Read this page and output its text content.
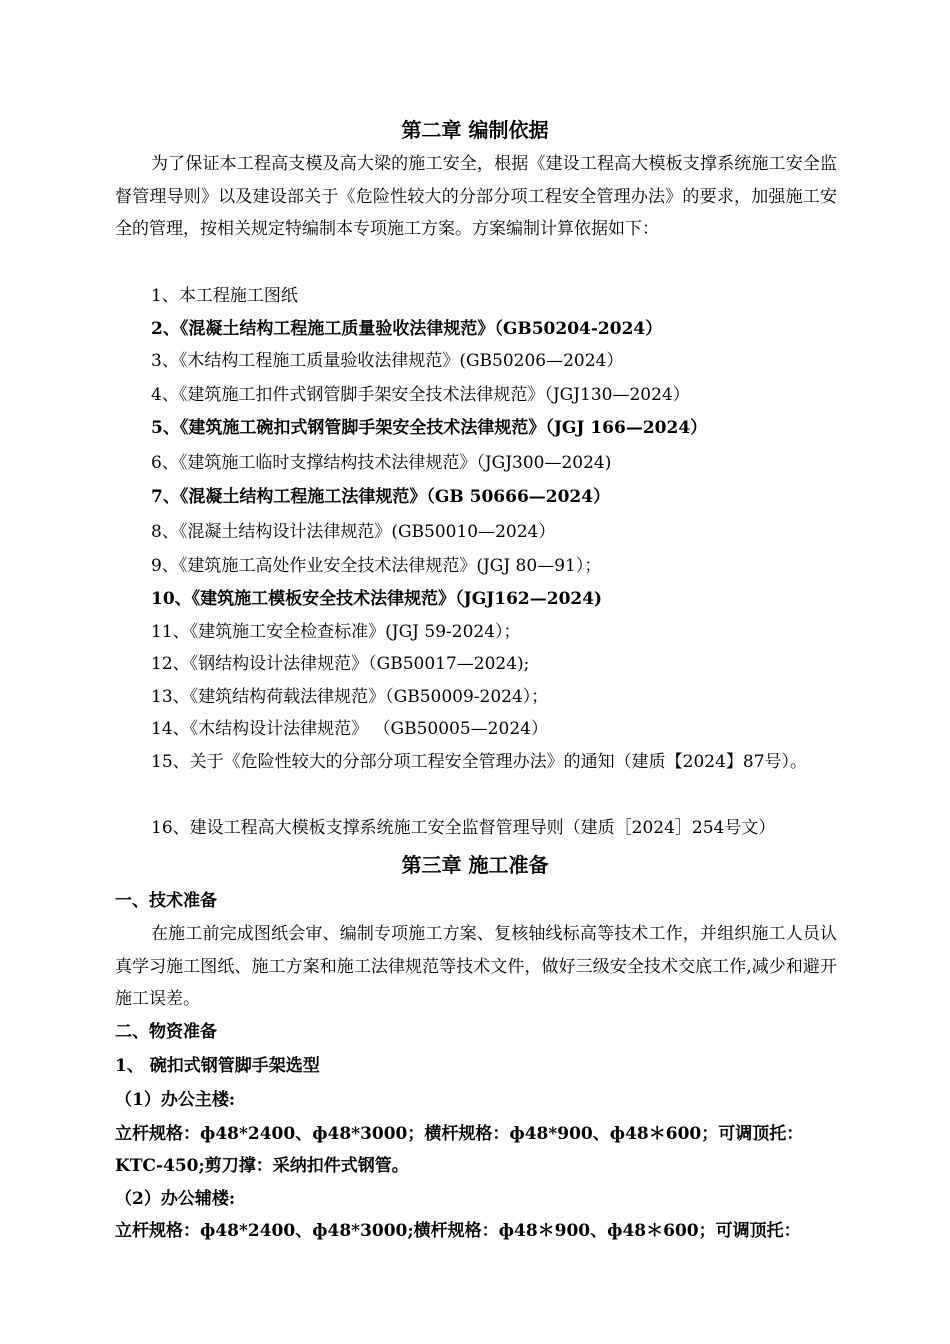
第二章 编制依据
为了保证本工程高支模及高大梁的施工安全，根据《建设工程高大模板支撑系统施工安全监督管理导则》以及建设部关于《危险性较大的分部分项工程安全管理办法》的要求，加强施工安全的管理，按相关规定特编制本专项施工方案。方案编制计算依据如下：
1、本工程施工图纸
2、《混凝土结构工程施工质量验收法律规范》（GB50204-2024）
3、《木结构工程施工质量验收法律规范》(GB50206—2024）
4、《建筑施工扣件式钢管脚手架安全技术法律规范》（JGJ130—2024）
5、《建筑施工碗扣式钢管脚手架安全技术法律规范》（JGJ 166—2024）
6、《建筑施工临时支撑结构技术法律规范》（JGJ300—2024)
7、《混凝土结构工程施工法律规范》（GB 50666—2024）
8、《混凝土结构设计法律规范》(GB50010—2024）
9、《建筑施工高处作业安全技术法律规范》(JGJ 80—91）；
10、《建筑施工模板安全技术法律规范》（JGJ162—2024)
11、《建筑施工安全检查标准》(JGJ 59-2024）；
12、《钢结构设计法律规范》（GB50017—2024);
13、《建筑结构荷载法律规范》（GB50009-2024）；
14、《木结构设计法律规范》 （GB50005—2024）
15、关于《危险性较大的分部分项工程安全管理办法》的通知（建质【2024】87号）。
16、建设工程高大模板支撑系统施工安全监督管理导则（建质［2024］254号文）
第三章 施工准备
一、技术准备
在施工前完成图纸会审、编制专项施工方案、复核轴线标高等技术工作，并组织施工人员认真学习施工图纸、施工方案和施工法律规范等技术文件，做好三级安全技术交底工作,减少和避开施工误差。
二、物资准备
1、 碗扣式钢管脚手架选型
（1）办公主楼:
立杆规格：ф48*2400、ф48*3000；横杆规格：ф48*900、ф48＊600；可调顶托：
KTC-450;剪刀撑：采纳扣件式钢管。
（2）办公辅楼:
立杆规格：ф48*2400、ф48*3000;横杆规格：ф48＊900、ф48＊600；可调顶托：
